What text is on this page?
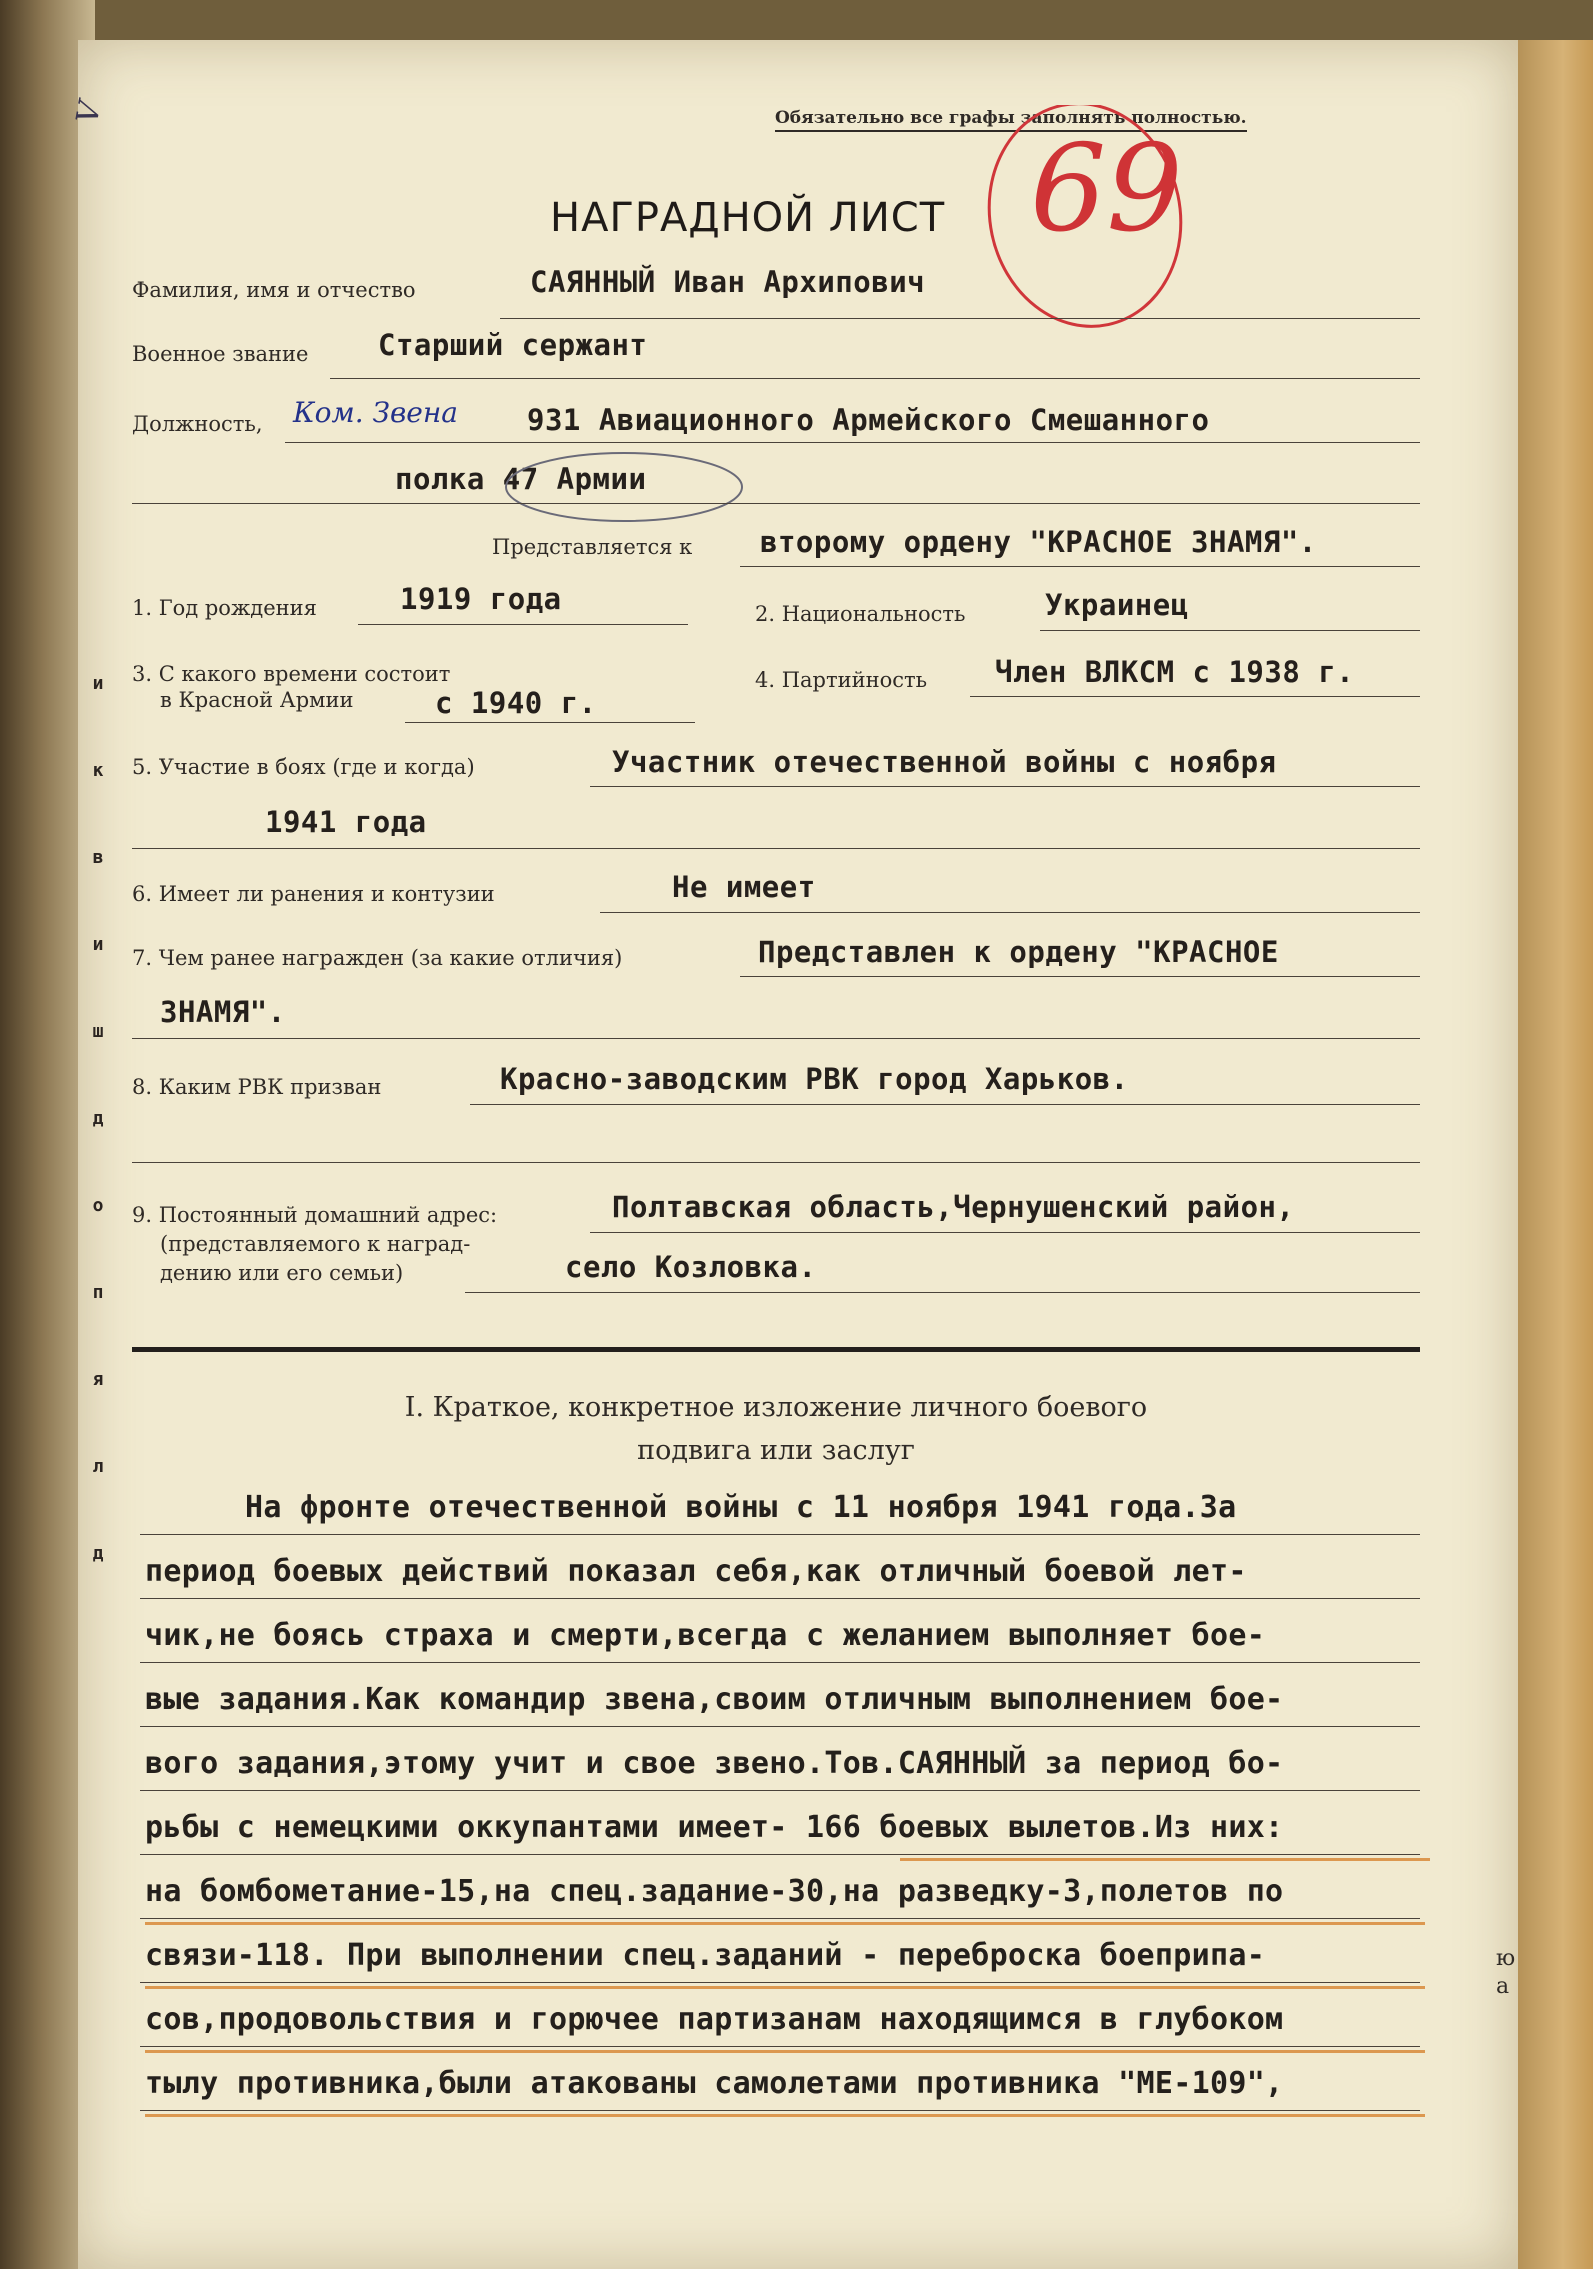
и
к
в
и
ш
д
о
п
я
л
д
ю
а
V	Обязательно все графы заполнять полностью.
69
НАГРАДНОЙ ЛИСТ
Фамилия, имя и отчество	САЯННЫЙ Иван Архипович
Военное звание Старший сержант
Должность, Ком. Звена 931 Авиационного Армейского Смешанного
полка 47 Армии
Представляется к второму ордену "КРАСНОЕ ЗНАМЯ".
1. Год рождения	1919 года	2. Национальность	Украинец
3. С какого времени состоит
в Красной Армии	с 1940 г.
4. Партийность Член ВЛКСМ с 1938 г.
5. Участие в боях (где и когда)	Участник отечественной войны с ноября
1941 года
6. Имеет ли ранения и контузии	Не имеет
7. Чем ранее награжден (за какие отличия)	Представлен к ордену "КРАСНОЕ
ЗНАМЯ".
8. Каким РВК призван	Красно-заводским РВК город Харьков.
9. Постоянный домашний адрес:
(представляемого к наград-
дению или его семьи)
Полтавская область,Чернушенский район,
село Козловка.
I. Краткое, конкретное изложение личного боевого
подвига или заслуг
На фронте отечественной войны с 11 ноября 1941 года.За
период боевых действий показал себя,как отличный боевой лет-
чик,не боясь страха и смерти,всегда с желанием выполняет бое-
вые задания.Как командир звена,своим отличным выполнением бое-
вого задания,этому учит и свое звено.Тов.САЯННЫЙ за период бо-
рьбы с немецкими оккупантами имеет- 166 боевых вылетов.Из них:
на бомбометание-15,на спец.задание-30,на разведку-3,полетов по
связи-118. При выполнении спец.заданий - переброска боеприпа-
сов,продовольствия и горючее партизанам находящимся в глубоком
тылу противника,были атакованы самолетами противника "МЕ-109",
